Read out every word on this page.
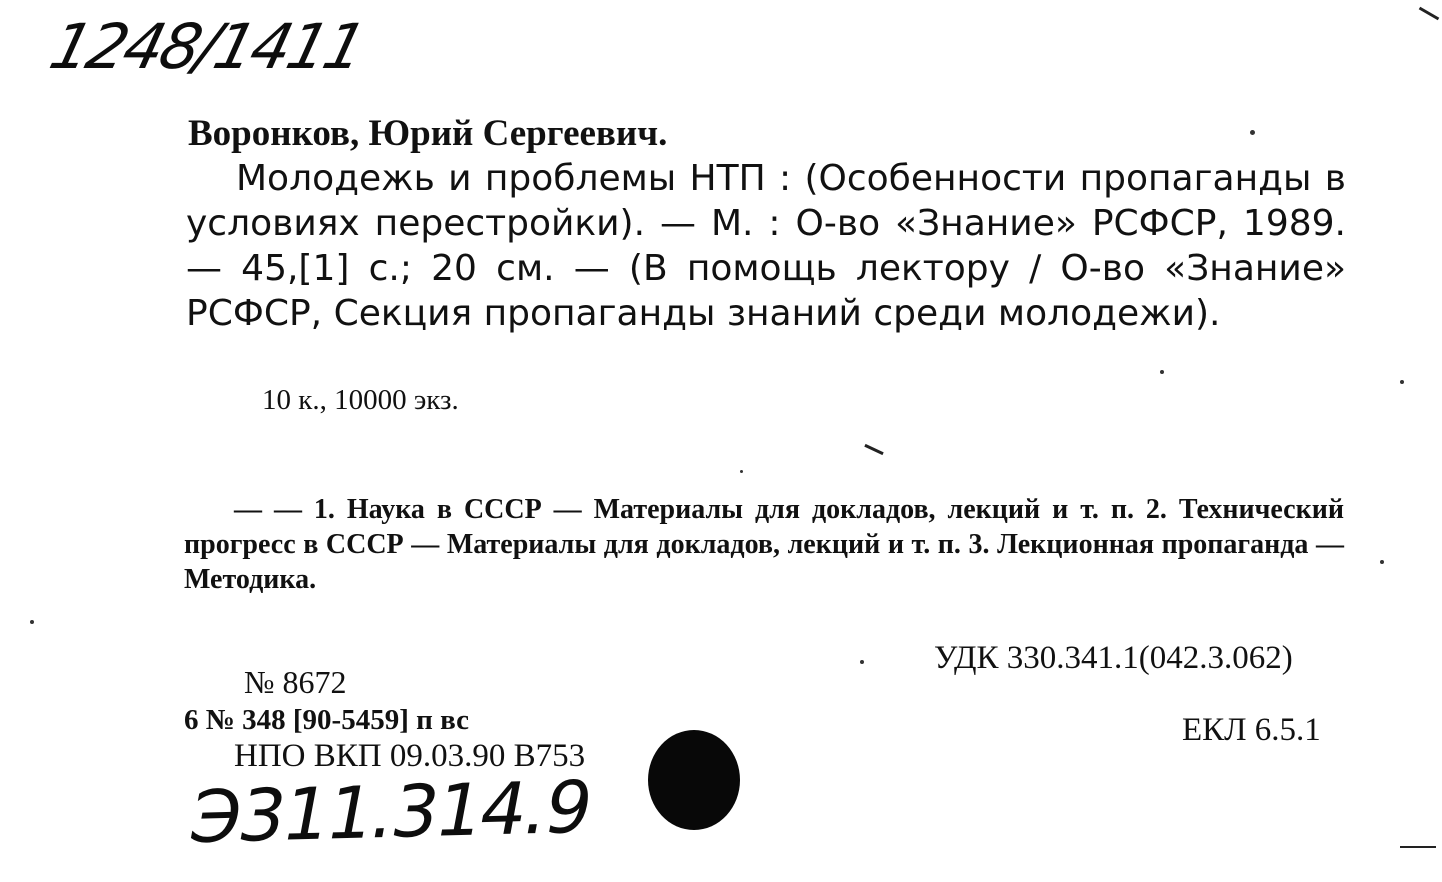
1248/1411
Воронков, Юрий Сергеевич.

Молодежь и проблемы НТП : (Особенности пропаганды в условиях перестройки). — М. : О-во «Знание» РСФСР, 1989. — 45,[1] с.; 20 см. — (В помощь лектору / О-во «Знание» РСФСР, Секция пропаганды знаний среди молодежи).

10 к., 10000 экз.

— — 1. Наука в СССР — Материалы для докладов, лекций и т. п. 2. Технический прогресс в СССР — Материалы для докладов, лекций и т. п. 3. Лекционная пропаганда — Методика.

УДК 330.341.1(042.3.062)
№ 8672
6 № 348 [90-5459] п вс	ЕКЛ 6.5.1
НПО ВКП 09.03.90 В753
Э311.314.9
